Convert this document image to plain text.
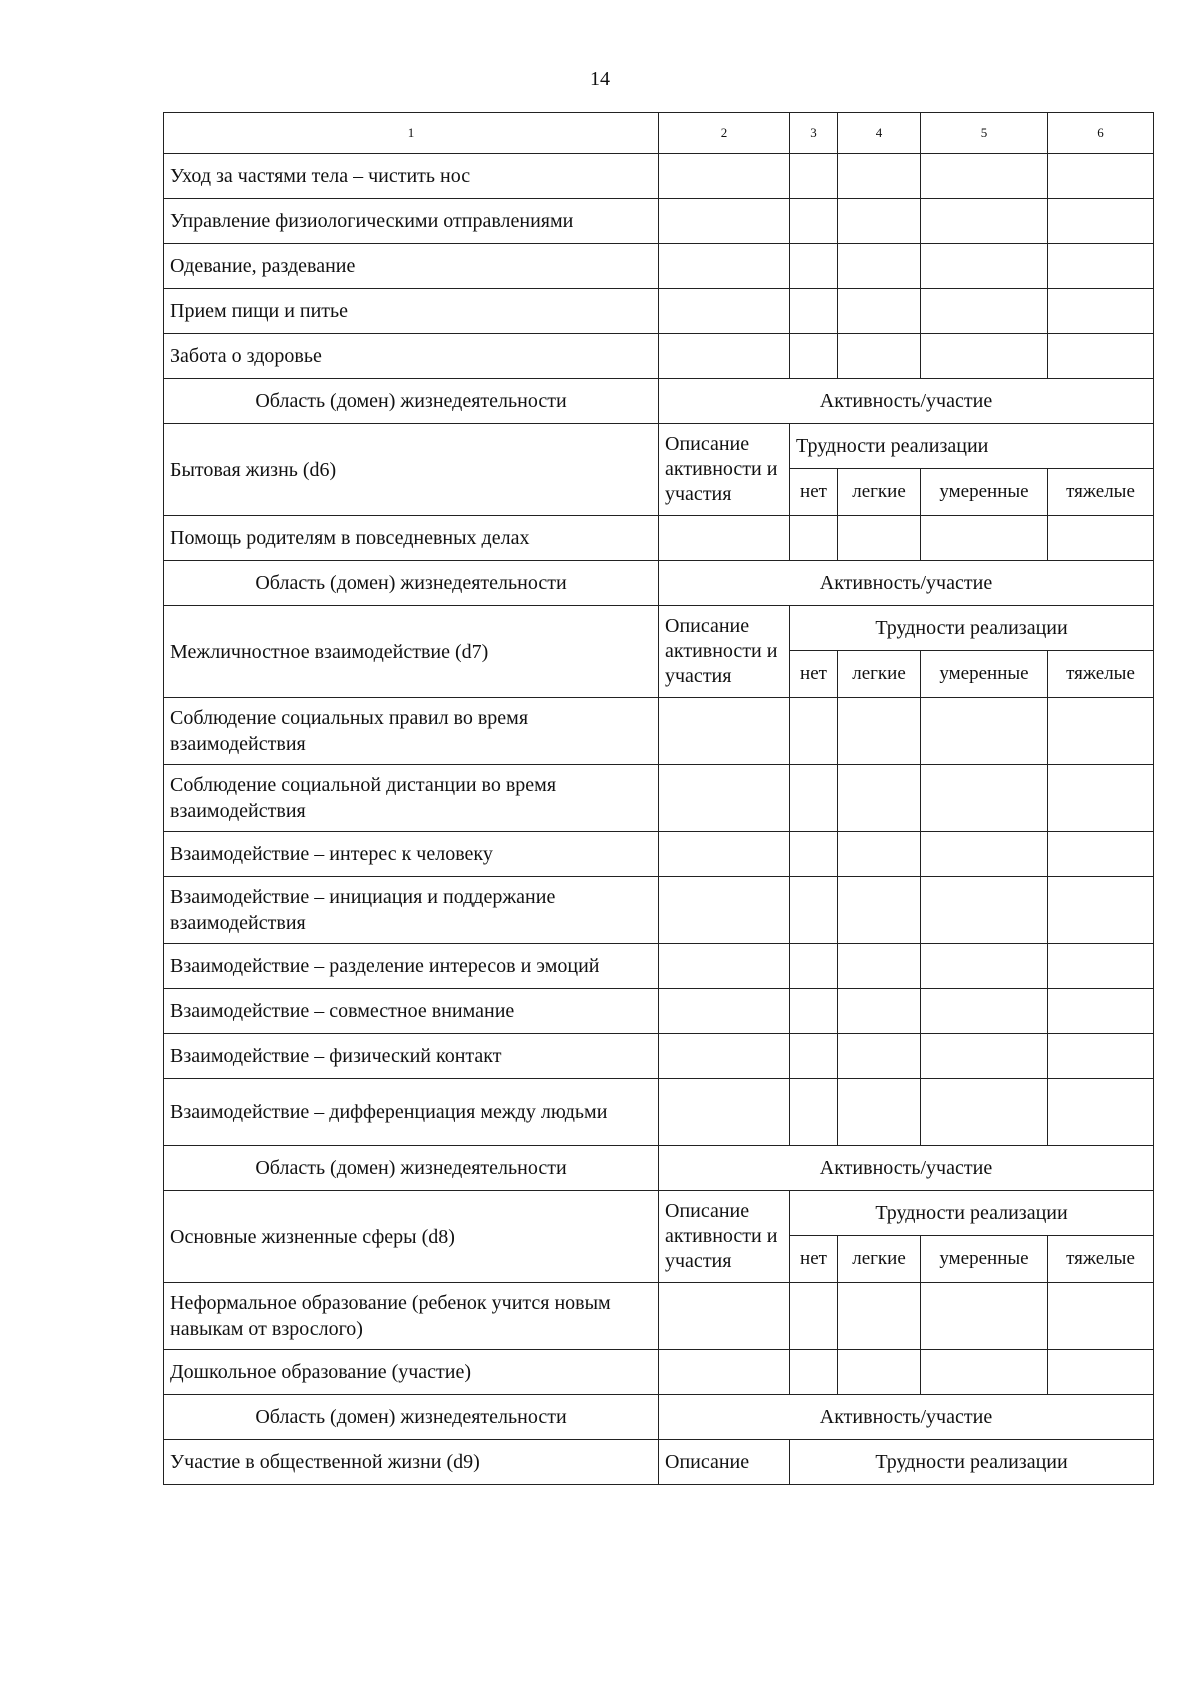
14
1	2	3	4	5	6
Уход за частями тела – чистить нос					
Управление физиологическими отправлениями					
Одевание, раздевание					
Прием пищи и питье					
Забота о здоровье					
Область (домен) жизнедеятельности	Активность/участие				
Бытовая жизнь (d6)	Описание активности и участия	Трудности реализации			
		нет	легкие	умеренные	тяжелые
Помощь родителям в повседневных делах					
Область (домен) жизнедеятельности	Активность/участие				
Межличностное взаимодействие (d7)	Описание активности и участия	Трудности реализации			
		нет	легкие	умеренные	тяжелые
Соблюдение социальных правил во время взаимодействия					
Соблюдение социальной дистанции во время взаимодействия					
Взаимодействие – интерес к человеку					
Взаимодействие – инициация и поддержание взаимодействия					
Взаимодействие – разделение интересов и эмоций					
Взаимодействие – совместное внимание					
Взаимодействие – физический контакт					
Взаимодействие – дифференциация между людьми					
Область (домен) жизнедеятельности	Активность/участие				
Основные жизненные сферы (d8)	Описание активности и участия	Трудности реализации			
		нет	легкие	умеренные	тяжелые
Неформальное образование (ребенок учится новым навыкам от взрослого)					
Дошкольное образование (участие)					
Область (домен) жизнедеятельности	Активность/участие				
Участие в общественной жизни (d9)	Описание	Трудности реализации			
